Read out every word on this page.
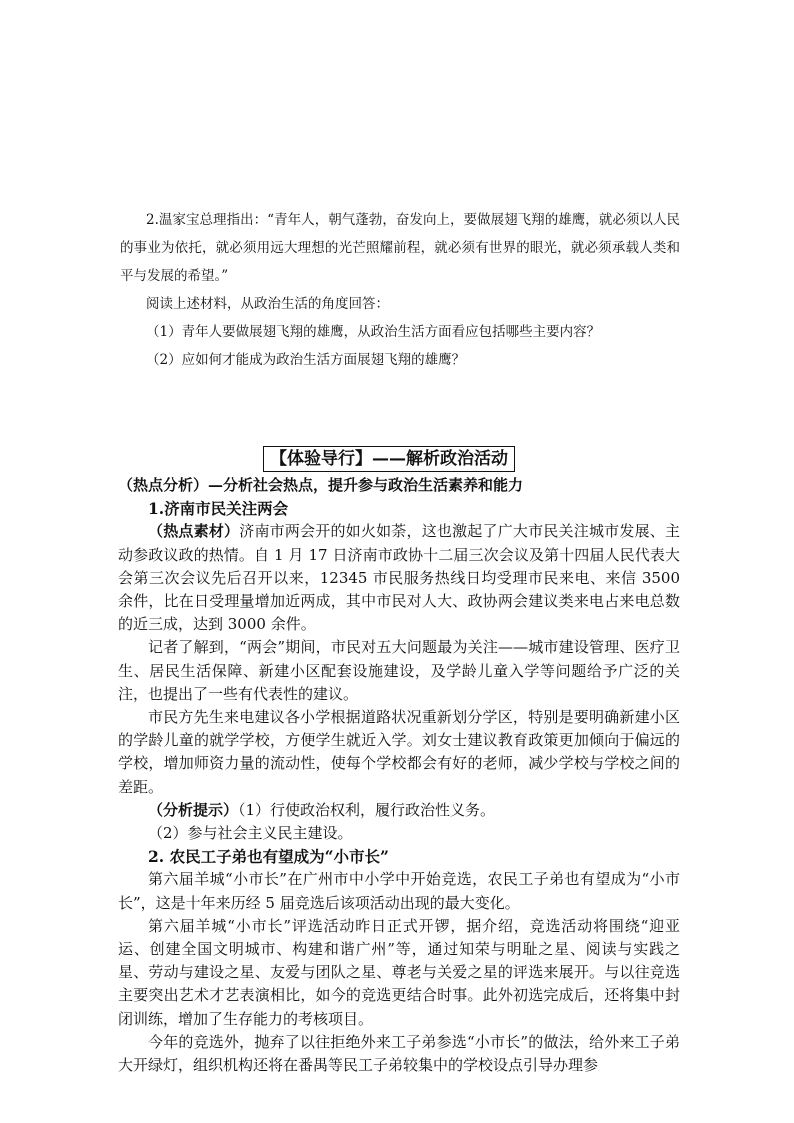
2.温家宝总理指出：“青年人，朝气蓬勃，奋发向上，要做展翅飞翔的雄鹰，就必须以人民的事业为依托，就必须用远大理想的光芒照耀前程，就必须有世界的眼光，就必须承载人类和平与发展的希望。”

阅读上述材料，从政治生活的角度回答：

（1）青年人要做展翅飞翔的雄鹰，从政治生活方面看应包括哪些主要内容？

（2）应如何才能成为政治生活方面展翅飞翔的雄鹰？

【体验导行】——解析政治活动

（热点分析）—分析社会热点，提升参与政治生活素养和能力

1.济南市民关注两会

（热点素材）济南市两会开的如火如荼，这也激起了广大市民关注城市发展、主动参政议政的热情。自 1 月 17 日济南市政协十二届三次会议及第十四届人民代表大会第三次会议先后召开以来，12345 市民服务热线日均受理市民来电、来信 3500 余件，比在日受理量增加近两成，其中市民对人大、政协两会建议类来电占来电总数的近三成，达到 3000 余件。

记者了解到，“两会”期间，市民对五大问题最为关注——城市建设管理、医疗卫生、居民生活保障、新建小区配套设施建设，及学龄儿童入学等问题给予广泛的关注，也提出了一些有代表性的建议。

市民方先生来电建议各小学根据道路状况重新划分学区，特别是要明确新建小区的学龄儿童的就学学校，方便学生就近入学。刘女士建议教育政策更加倾向于偏远的学校，增加师资力量的流动性，使每个学校都会有好的老师，减少学校与学校之间的差距。

（分析提示）（1）行使政治权利，履行政治性义务。

（2）参与社会主义民主建设。

2. 农民工子弟也有望成为“小市长”

第六届羊城“小市长”在广州市中小学中开始竞选，农民工子弟也有望成为“小市长”，这是十年来历经 5 届竞选后该项活动出现的最大变化。

第六届羊城“小市长”评选活动昨日正式开锣，据介绍，竞选活动将围绕“迎亚运、创建全国文明城市、构建和谐广州”等，通过知荣与明耻之星、阅读与实践之星、劳动与建设之星、友爱与团队之星、尊老与关爱之星的评选来展开。与以往竞选主要突出艺术才艺表演相比，如今的竞选更结合时事。此外初选完成后，还将集中封闭训练，增加了生存能力的考核项目。

今年的竞选外，抛弃了以往拒绝外来工子弟参选“小市长”的做法，给外来工子弟大开绿灯，组织机构还将在番禺等民工子弟较集中的学校设点引导办理参
